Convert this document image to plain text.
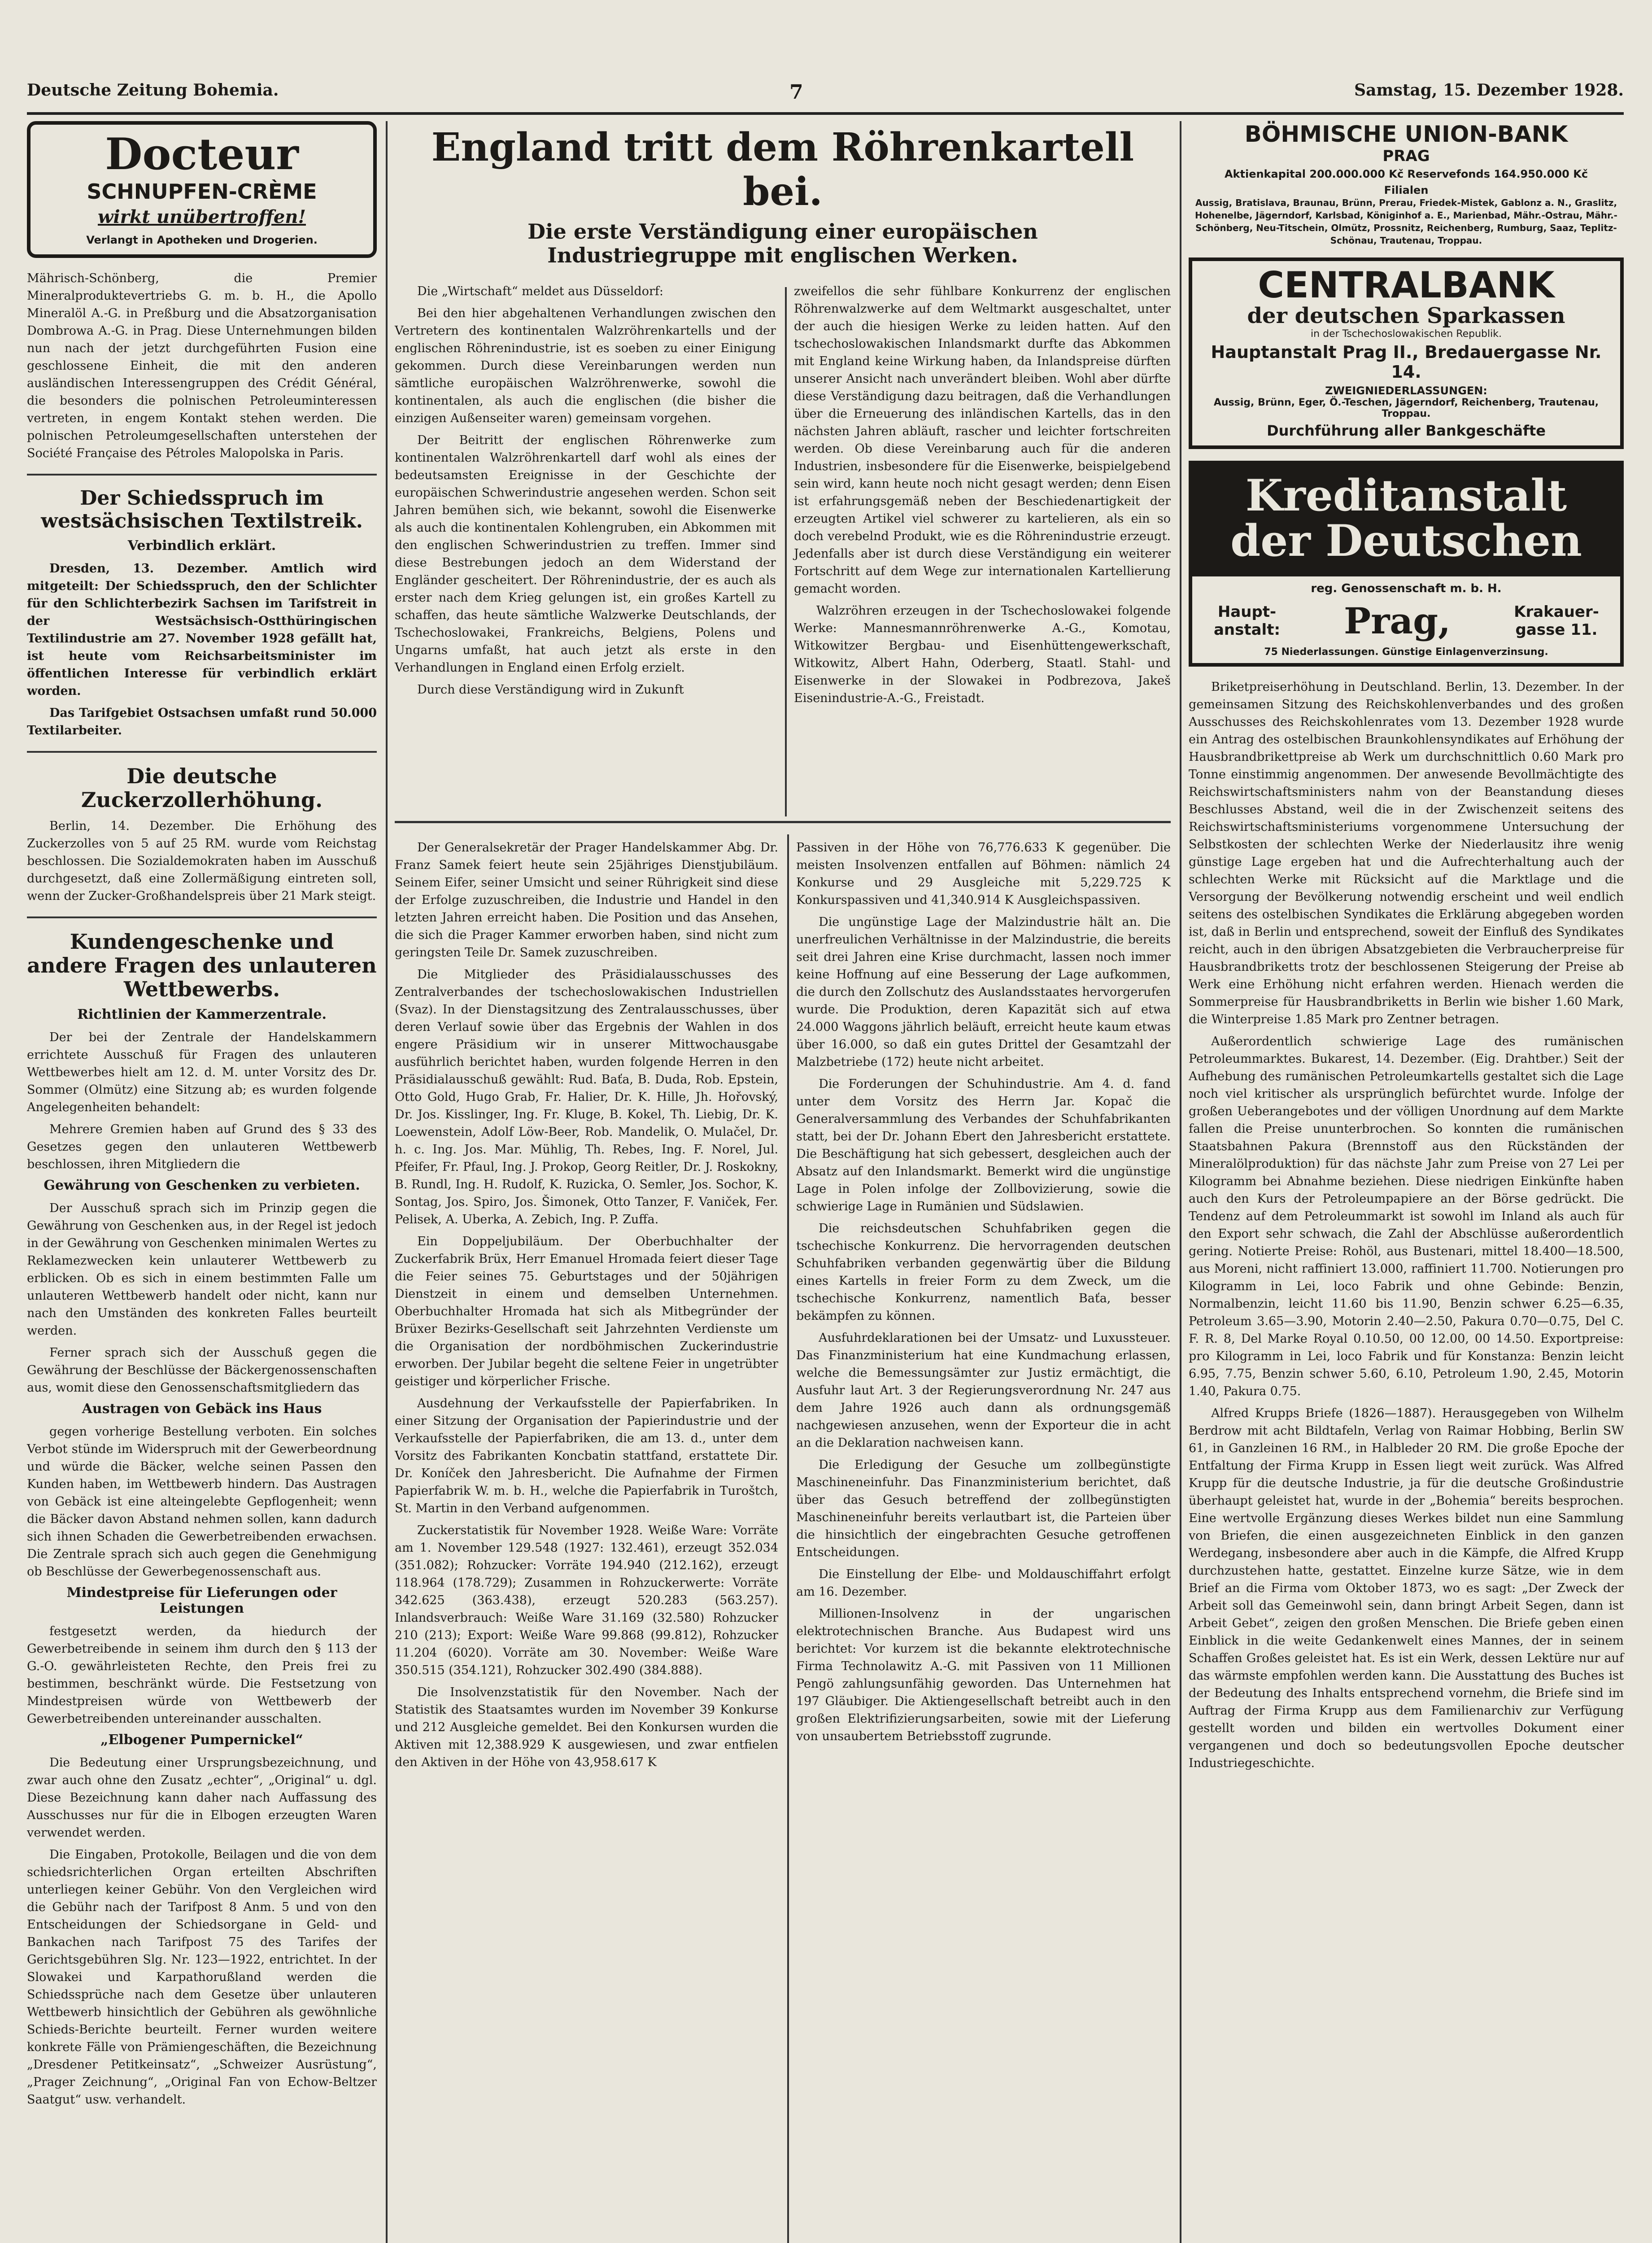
Deutsche Zeitung Bohemia.	7	Samstag, 15. Dezember 1928.
Docteur
SCHNUPFEN-CRÈME
wirkt unübertroffen!
Verlangt in Apotheken und Drogerien.

Mährisch-Schönberg, die Premier Mineralproduktevertriebs G. m. b. H., die Apollo Mineralöl A.-G. in Preßburg und die Absatzorganisation Dombrowa A.-G. in Prag. Diese Unternehmungen bilden nun nach der jetzt durchgeführten Fusion eine geschlossene Einheit, die mit den anderen ausländischen Interessengruppen des Crédit Général, die besonders die polnischen Petroleuminteressen vertreten, in engem Kontakt stehen werden. Die polnischen Petroleumgesellschaften unterstehen der Société Française des Pétroles Malopolska in Paris.

Der Schiedsspruch im westsächsischen Textilstreik.
Verbindlich erklärt.

Dresden, 13. Dezember. Amtlich wird mitgeteilt: Der Schiedsspruch, den der Schlichter für den Schlichterbezirk Sachsen im Tarifstreit in der Westsächsisch-Ostthüringischen Textilindustrie am 27. November 1928 gefällt hat, ist heute vom Reichsarbeitsminister im öffentlichen Interesse für verbindlich erklärt worden.

Das Tarifgebiet Ostsachsen umfaßt rund 50.000 Textilarbeiter.

Die deutsche Zuckerzollerhöhung.

Berlin, 14. Dezember. Die Erhöhung des Zuckerzolles von 5 auf 25 RM. wurde vom Reichstag beschlossen. Die Sozialdemokraten haben im Ausschuß durchgesetzt, daß eine Zollermäßigung eintreten soll, wenn der Zucker-Großhandelspreis über 21 Mark steigt.

Kundengeschenke und andere Fragen des unlauteren Wettbewerbs.
Richtlinien der Kammerzentrale.

Der bei der Zentrale der Handelskammern errichtete Ausschuß für Fragen des unlauteren Wettbewerbes hielt am 12. d. M. unter Vorsitz des Dr. Sommer (Olmütz) eine Sitzung ab; es wurden folgende Angelegenheiten behandelt:

Mehrere Gremien haben auf Grund des § 33 des Gesetzes gegen den unlauteren Wettbewerb beschlossen, ihren Mitgliedern die

Gewährung von Geschenken zu verbieten.

Der Ausschuß sprach sich im Prinzip gegen die Gewährung von Geschenken aus, in der Regel ist jedoch in der Gewährung von Geschenken minimalen Wertes zu Reklamezwecken kein unlauterer Wettbewerb zu erblicken. Ob es sich in einem bestimmten Falle um unlauteren Wettbewerb handelt oder nicht, kann nur nach den Umständen des konkreten Falles beurteilt werden.

Ferner sprach sich der Ausschuß gegen die Gewährung der Beschlüsse der Bäckergenossenschaften aus, womit diese den Genossenschaftsmitgliedern das

Austragen von Gebäck ins Haus

gegen vorherige Bestellung verboten. Ein solches Verbot stünde im Widerspruch mit der Gewerbeordnung und würde die Bäcker, welche seinen Passen den Kunden haben, im Wettbewerb hindern. Das Austragen von Gebäck ist eine alteingelebte Gepflogenheit; wenn die Bäcker davon Abstand nehmen sollen, kann dadurch sich ihnen Schaden die Gewerbetreibenden erwachsen. Die Zentrale sprach sich auch gegen die Genehmigung ob Beschlüsse der Gewerbegenossenschaft aus.

Mindestpreise für Lieferungen oder Leistungen

festgesetzt werden, da hiedurch der Gewerbetreibende in seinem ihm durch den § 113 der G.-O. gewährleisteten Rechte, den Preis frei zu bestimmen, beschränkt würde. Die Festsetzung von Mindestpreisen würde von Wettbewerb der Gewerbetreibenden untereinander ausschalten.

„Elbogener Pumpernickel“

Die Bedeutung einer Ursprungsbezeichnung, und zwar auch ohne den Zusatz „echter“, „Original“ u. dgl. Diese Bezeichnung kann daher nach Auffassung des Ausschusses nur für die in Elbogen erzeugten Waren verwendet werden.

Die Eingaben, Protokolle, Beilagen und die von dem schiedsrichterlichen Organ erteilten Abschriften unterliegen keiner Gebühr. Von den Vergleichen wird die Gebühr nach der Tarifpost 8 Anm. 5 und von den Entscheidungen der Schiedsorgane in Geld- und Bankachen nach Tarifpost 75 des Tarifes der Gerichtsgebühren Slg. Nr. 123—1922, entrichtet. In der Slowakei und Karpathorußland werden die Schiedssprüche nach dem Gesetze über unlauteren Wettbewerb hinsichtlich der Gebühren als gewöhnliche Schieds-Berichte beurteilt. Ferner wurden weitere konkrete Fälle von Prämiengeschäften, die Bezeichnung „Dresdener Petitkeinsatz“, „Schweizer Ausrüstung“, „Prager Zeichnung“, „Original Fan von Echow-Beltzer Saatgut“ usw. verhandelt.

England tritt dem Röhrenkartell bei.
Die erste Verständigung einer europäischen Industriegruppe mit englischen Werken.

Die „Wirtschaft“ meldet aus Düsseldorf:

Bei den hier abgehaltenen Verhandlungen zwischen den Vertretern des kontinentalen Walzröhrenkartells und der englischen Röhrenindustrie, ist es soeben zu einer Einigung gekommen. Durch diese Vereinbarungen werden nun sämtliche europäischen Walzröhrenwerke, sowohl die kontinentalen, als auch die englischen (die bisher die einzigen Außenseiter waren) gemeinsam vorgehen.

Der Beitritt der englischen Röhrenwerke zum kontinentalen Walzröhrenkartell darf wohl als eines der bedeutsamsten Ereignisse in der Geschichte der europäischen Schwerindustrie angesehen werden. Schon seit Jahren bemühen sich, wie bekannt, sowohl die Eisenwerke als auch die kontinentalen Kohlengruben, ein Abkommen mit den englischen Schwerindustrien zu treffen. Immer sind diese Bestrebungen jedoch an dem Widerstand der Engländer gescheitert. Der Röhrenindustrie, der es auch als erster nach dem Krieg gelungen ist, ein großes Kartell zu schaffen, das heute sämtliche Walzwerke Deutschlands, der Tschechoslowakei, Frankreichs, Belgiens, Polens und Ungarns umfaßt, hat auch jetzt als erste in den Verhandlungen in England einen Erfolg erzielt.

Durch diese Verständigung wird in Zukunft

zweifellos die sehr fühlbare Konkurrenz der englischen Röhrenwalzwerke auf dem Weltmarkt ausgeschaltet, unter der auch die hiesigen Werke zu leiden hatten. Auf den tschechoslowakischen Inlandsmarkt durfte das Abkommen mit England keine Wirkung haben, da Inlandspreise dürften unserer Ansicht nach unverändert bleiben. Wohl aber dürfte diese Verständigung dazu beitragen, daß die Verhandlungen über die Erneuerung des inländischen Kartells, das in den nächsten Jahren abläuft, rascher und leichter fortschreiten werden. Ob diese Vereinbarung auch für die anderen Industrien, insbesondere für die Eisenwerke, beispielgebend sein wird, kann heute noch nicht gesagt werden; denn Eisen ist erfahrungsgemäß neben der Beschiedenartigkeit der erzeugten Artikel viel schwerer zu kartelieren, als ein so doch verebelnd Produkt, wie es die Röhrenindustrie erzeugt. Jedenfalls aber ist durch diese Verständigung ein weiterer Fortschritt auf dem Wege zur internationalen Kartellierung gemacht worden.

Walzröhren erzeugen in der Tschechoslowakei folgende Werke: Mannesmannröhrenwerke A.-G., Komotau, Witkowitzer Bergbau- und Eisenhüttengewerkschaft, Witkowitz, Albert Hahn, Oderberg, Staatl. Stahl- und Eisenwerke in der Slowakei in Podbrezova, Jakeš Eisenindustrie-A.-G., Freistadt.

Der Generalsekretär der Prager Handelskammer Abg. Dr. Franz Samek feiert heute sein 25jähriges Dienstjubiläum. Seinem Eifer, seiner Umsicht und seiner Rührigkeit sind diese der Erfolge zuzuschreiben, die Industrie und Handel in den letzten Jahren erreicht haben. Die Position und das Ansehen, die sich die Prager Kammer erworben haben, sind nicht zum geringsten Teile Dr. Samek zuzuschreiben.

Die Mitglieder des Präsidialausschusses des Zentralverbandes der tschechoslowakischen Industriellen (Svaz). In der Dienstagsitzung des Zentralausschusses, über deren Verlauf sowie über das Ergebnis der Wahlen in dos engere Präsidium wir in unserer Mittwochausgabe ausführlich berichtet haben, wurden folgende Herren in den Präsidialausschuß gewählt: Rud. Baťa, B. Duda, Rob. Epstein, Otto Gold, Hugo Grab, Fr. Halier, Dr. K. Hille, Jh. Hořovský, Dr. Jos. Kisslinger, Ing. Fr. Kluge, B. Kokel, Th. Liebig, Dr. K. Loewenstein, Adolf Löw-Beer, Rob. Mandelik, O. Mulačel, Dr. h. c. Ing. Jos. Mar. Mühlig, Th. Rebes, Ing. F. Norel, Jul. Pfeifer, Fr. Pfaul, Ing. J. Prokop, Georg Reitler, Dr. J. Roskokny, B. Rundl, Ing. H. Rudolf, K. Ruzicka, O. Semler, Jos. Sochor, K. Sontag, Jos. Spiro, Jos. Šimonek, Otto Tanzer, F. Vaniček, Fer. Pelisek, A. Uberka, A. Zebich, Ing. P. Zuffa.

Ein Doppeljubiläum. Der Oberbuchhalter der Zuckerfabrik Brüx, Herr Emanuel Hromada feiert dieser Tage die Feier seines 75. Geburtstages und der 50jährigen Dienstzeit in einem und demselben Unternehmen. Oberbuchhalter Hromada hat sich als Mitbegründer der Brüxer Bezirks-Gesellschaft seit Jahrzehnten Verdienste um die Organisation der nordböhmischen Zuckerindustrie erworben. Der Jubilar begeht die seltene Feier in ungetrübter geistiger und körperlicher Frische.

Ausdehnung der Verkaufsstelle der Papierfabriken. In einer Sitzung der Organisation der Papierindustrie und der Verkaufsstelle der Papierfabriken, die am 13. d., unter dem Vorsitz des Fabrikanten Koncbatin stattfand, erstattete Dir. Dr. Koníček den Jahresbericht. Die Aufnahme der Firmen Papierfabrik W. m. b. H., welche die Papierfabrik in Turoštch, St. Martin in den Verband aufgenommen.

Zuckerstatistik für November 1928. Weiße Ware: Vorräte am 1. November 129.548 (1927: 132.461), erzeugt 352.034 (351.082); Rohzucker: Vorräte 194.940 (212.162), erzeugt 118.964 (178.729); Zusammen in Rohzuckerwerte: Vorräte 342.625 (363.438), erzeugt 520.283 (563.257). Inlandsverbrauch: Weiße Ware 31.169 (32.580) Rohzucker 210 (213); Export: Weiße Ware 99.868 (99.812), Rohzucker 11.204 (6020). Vorräte am 30. November: Weiße Ware 350.515 (354.121), Rohzucker 302.490 (384.888).

Die Insolvenzstatistik für den November. Nach der Statistik des Staatsamtes wurden im November 39 Konkurse und 212 Ausgleiche gemeldet. Bei den Konkursen wurden die Aktiven mit 12,388.929 K ausgewiesen, und zwar entfielen den Aktiven in der Höhe von 43,958.617 K

Passiven in der Höhe von 76,776.633 K gegenüber. Die meisten Insolvenzen entfallen auf Böhmen: nämlich 24 Konkurse und 29 Ausgleiche mit 5,229.725 K Konkurspassiven und 41,340.914 K Ausgleichspassiven.

Die ungünstige Lage der Malzindustrie hält an. Die unerfreulichen Verhältnisse in der Malzindustrie, die bereits seit drei Jahren eine Krise durchmacht, lassen noch immer keine Hoffnung auf eine Besserung der Lage aufkommen, die durch den Zollschutz des Auslandsstaates hervorgerufen wurde. Die Produktion, deren Kapazität sich auf etwa 24.000 Waggons jährlich beläuft, erreicht heute kaum etwas über 16.000, so daß ein gutes Drittel der Gesamtzahl der Malzbetriebe (172) heute nicht arbeitet.

Die Forderungen der Schuhindustrie. Am 4. d. fand unter dem Vorsitz des Herrn Jar. Kopač die Generalversammlung des Verbandes der Schuhfabrikanten statt, bei der Dr. Johann Ebert den Jahresbericht erstattete. Die Beschäftigung hat sich gebessert, desgleichen auch der Absatz auf den Inlandsmarkt. Bemerkt wird die ungünstige Lage in Polen infolge der Zollbovizierung, sowie die schwierige Lage in Rumänien und Südslawien.

Die reichsdeutschen Schuhfabriken gegen die tschechische Konkurrenz. Die hervorragenden deutschen Schuhfabriken verbanden gegenwärtig über die Bildung eines Kartells in freier Form zu dem Zweck, um die tschechische Konkurrenz, namentlich Baťa, besser bekämpfen zu können.

Ausfuhrdeklarationen bei der Umsatz- und Luxussteuer. Das Finanzministerium hat eine Kundmachung erlassen, welche die Bemessungsämter zur Justiz ermächtigt, die Ausfuhr laut Art. 3 der Regierungsverordnung Nr. 247 aus dem Jahre 1926 auch dann als ordnungsgemäß nachgewiesen anzusehen, wenn der Exporteur die in acht an die Deklaration nachweisen kann.

Die Erledigung der Gesuche um zollbegünstigte Maschineneinfuhr. Das Finanzministerium berichtet, daß über das Gesuch betreffend der zollbegünstigten Maschineneinfuhr bereits verlautbart ist, die Parteien über die hinsichtlich der eingebrachten Gesuche getroffenen Entscheidungen.

Die Einstellung der Elbe- und Moldauschiffahrt erfolgt am 16. Dezember.

Millionen-Insolvenz in der ungarischen elektrotechnischen Branche. Aus Budapest wird uns berichtet: Vor kurzem ist die bekannte elektrotechnische Firma Technolawitz A.-G. mit Passiven von 11 Millionen Pengö zahlungsunfähig geworden. Das Unternehmen hat 197 Gläubiger. Die Aktiengesellschaft betreibt auch in den großen Elektrifizierungsarbeiten, sowie mit der Lieferung von unsaubertem Betriebsstoff zugrunde.

BÖHMISCHE UNION-BANK
PRAG
Aktienkapital 200.000.000 Kč Reservefonds 164.950.000 Kč
Filialen
Aussig, Bratislava, Braunau, Brünn, Prerau, Friedek-Mistek, Gablonz a. N., Graslitz, Hohenelbe, Jägerndorf, Karlsbad, Königinhof a. E., Marienbad, Mähr.-Ostrau, Mähr.-Schönberg, Neu-Titschein, Olmütz, Prossnitz, Reichenberg, Rumburg, Saaz, Teplitz-Schönau, Trautenau, Troppau.
CENTRALBANK
der deutschen Sparkassen
in der Tschechoslowakischen Republik.
Hauptanstalt Prag II., Bredauergasse Nr. 14.
ZWEIGNIEDERLASSUNGEN:
Aussig, Brünn, Eger, Ö.-Teschen, Jägerndorf, Reichenberg, Trautenau, Troppau.
Durchführung aller Bankgeschäfte
Kreditanstalt
der Deutschen
reg. Genossenschaft m. b. H.
Haupt-anstalt: Prag,	Krakauer-gasse 11.
75 Niederlassungen. Günstige Einlagenverzinsung.

Briketpreiserhöhung in Deutschland. Berlin, 13. Dezember. In der gemeinsamen Sitzung des Reichskohlenverbandes und des großen Ausschusses des Reichskohlenrates vom 13. Dezember 1928 wurde ein Antrag des ostelbischen Braunkohlensyndikates auf Erhöhung der Hausbrandbrikettpreise ab Werk um durchschnittlich 0.60 Mark pro Tonne einstimmig angenommen. Der anwesende Bevollmächtigte des Reichswirtschaftsministers nahm von der Beanstandung dieses Beschlusses Abstand, weil die in der Zwischenzeit seitens des Reichswirtschaftsministeriums vorgenommene Untersuchung der Selbstkosten der schlechten Werke der Niederlausitz ihre wenig günstige Lage ergeben hat und die Aufrechterhaltung auch der schlechten Werke mit Rücksicht auf die Marktlage und die Versorgung der Bevölkerung notwendig erscheint und weil endlich seitens des ostelbischen Syndikates die Erklärung abgegeben worden ist, daß in Berlin und entsprechend, soweit der Einfluß des Syndikates reicht, auch in den übrigen Absatzgebieten die Verbraucherpreise für Hausbrandbriketts trotz der beschlossenen Steigerung der Preise ab Werk eine Erhöhung nicht erfahren werden. Hienach werden die Sommerpreise für Hausbrandbriketts in Berlin wie bisher 1.60 Mark, die Winterpreise 1.85 Mark pro Zentner betragen.

Außerordentlich schwierige Lage des rumänischen Petroleummarktes. Bukarest, 14. Dezember. (Eig. Drahtber.) Seit der Aufhebung des rumänischen Petroleumkartells gestaltet sich die Lage noch viel kritischer als ursprünglich befürchtet wurde. Infolge der großen Ueberangebotes und der völligen Unordnung auf dem Markte fallen die Preise ununterbrochen. So konnten die rumänischen Staatsbahnen Pakura (Brennstoff aus den Rückständen der Mineralölproduktion) für das nächste Jahr zum Preise von 27 Lei per Kilogramm bei Abnahme beziehen. Diese niedrigen Einkünfte haben auch den Kurs der Petroleumpapiere an der Börse gedrückt. Die Tendenz auf dem Petroleummarkt ist sowohl im Inland als auch für den Export sehr schwach, die Zahl der Abschlüsse außerordentlich gering. Notierte Preise: Rohöl, aus Bustenari, mittel 18.400—18.500, aus Moreni, nicht raffiniert 13.000, raffiniert 11.700. Notierungen pro Kilogramm in Lei, loco Fabrik und ohne Gebinde: Benzin, Normalbenzin, leicht 11.60 bis 11.90, Benzin schwer 6.25—6.35, Petroleum 3.65—3.90, Motorin 2.40—2.50, Pakura 0.70—0.75, Del C. F. R. 8, Del Marke Royal 0.10.50, 00 12.00, 00 14.50. Exportpreise: pro Kilogramm in Lei, loco Fabrik und für Konstanza: Benzin leicht 6.95, 7.75, Benzin schwer 5.60, 6.10, Petroleum 1.90, 2.45, Motorin 1.40, Pakura 0.75.

Alfred Krupps Briefe (1826—1887). Herausgegeben von Wilhelm Berdrow mit acht Bildtafeln, Verlag von Raimar Hobbing, Berlin SW 61, in Ganzleinen 16 RM., in Halbleder 20 RM. Die große Epoche der Entfaltung der Firma Krupp in Essen liegt weit zurück. Was Alfred Krupp für die deutsche Industrie, ja für die deutsche Großindustrie überhaupt geleistet hat, wurde in der „Bohemia“ bereits besprochen. Eine wertvolle Ergänzung dieses Werkes bildet nun eine Sammlung von Briefen, die einen ausgezeichneten Einblick in den ganzen Werdegang, insbesondere aber auch in die Kämpfe, die Alfred Krupp durchzustehen hatte, gestattet. Einzelne kurze Sätze, wie in dem Brief an die Firma vom Oktober 1873, wo es sagt: „Der Zweck der Arbeit soll das Gemeinwohl sein, dann bringt Arbeit Segen, dann ist Arbeit Gebet“, zeigen den großen Menschen. Die Briefe geben einen Einblick in die weite Gedankenwelt eines Mannes, der in seinem Schaffen Großes geleistet hat. Es ist ein Werk, dessen Lektüre nur auf das wärmste empfohlen werden kann. Die Ausstattung des Buches ist der Bedeutung des Inhalts entsprechend vornehm, die Briefe sind im Auftrag der Firma Krupp aus dem Familienarchiv zur Verfügung gestellt worden und bilden ein wertvolles Dokument einer vergangenen und doch so bedeutungsvollen Epoche deutscher Industriegeschichte.
